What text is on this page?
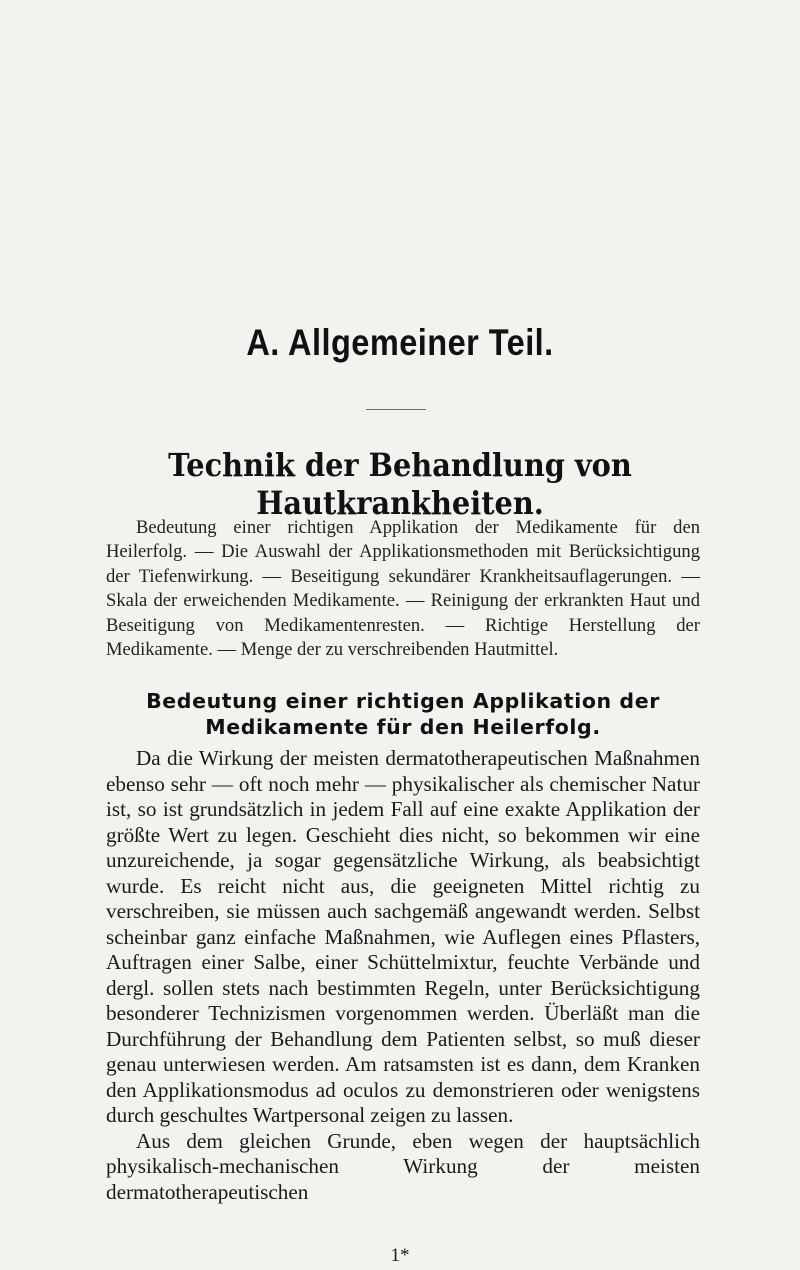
A. Allgemeiner Teil.
Technik der Behandlung von Hautkrankheiten.

Bedeutung einer richtigen Applikation der Medikamente für den Heilerfolg. — Die Auswahl der Applikationsmethoden mit Berücksichtigung der Tiefenwirkung. — Beseitigung sekundärer Krankheitsauflagerungen. — Skala der erweichenden Medikamente. — Reinigung der erkrankten Haut und Beseitigung von Medikamentenresten. — Richtige Herstellung der Medikamente. — Menge der zu verschreibenden Hautmittel.

Bedeutung einer richtigen Applikation der Medikamente für den Heilerfolg.

Da die Wirkung der meisten dermatotherapeutischen Maßnahmen ebenso sehr — oft noch mehr — physikalischer als chemischer Natur ist, so ist grundsätzlich in jedem Fall auf eine exakte Applikation der größte Wert zu legen. Geschieht dies nicht, so bekommen wir eine unzureichende, ja sogar gegensätzliche Wirkung, als beabsichtigt wurde. Es reicht nicht aus, die geeigneten Mittel richtig zu verschreiben, sie müssen auch sachgemäß angewandt werden. Selbst scheinbar ganz einfache Maßnahmen, wie Auflegen eines Pflasters, Auftragen einer Salbe, einer Schüttelmixtur, feuchte Verbände und dergl. sollen stets nach bestimmten Regeln, unter Berücksichtigung besonderer Technizismen vorgenommen werden. Überläßt man die Durchführung der Behandlung dem Patienten selbst, so muß dieser genau unterwiesen werden. Am ratsamsten ist es dann, dem Kranken den Applikationsmodus ad oculos zu demonstrieren oder wenigstens durch geschultes Wartpersonal zeigen zu lassen.

Aus dem gleichen Grunde, eben wegen der hauptsächlich physikalisch-mechanischen Wirkung der meisten dermatotherapeutischen

1*
